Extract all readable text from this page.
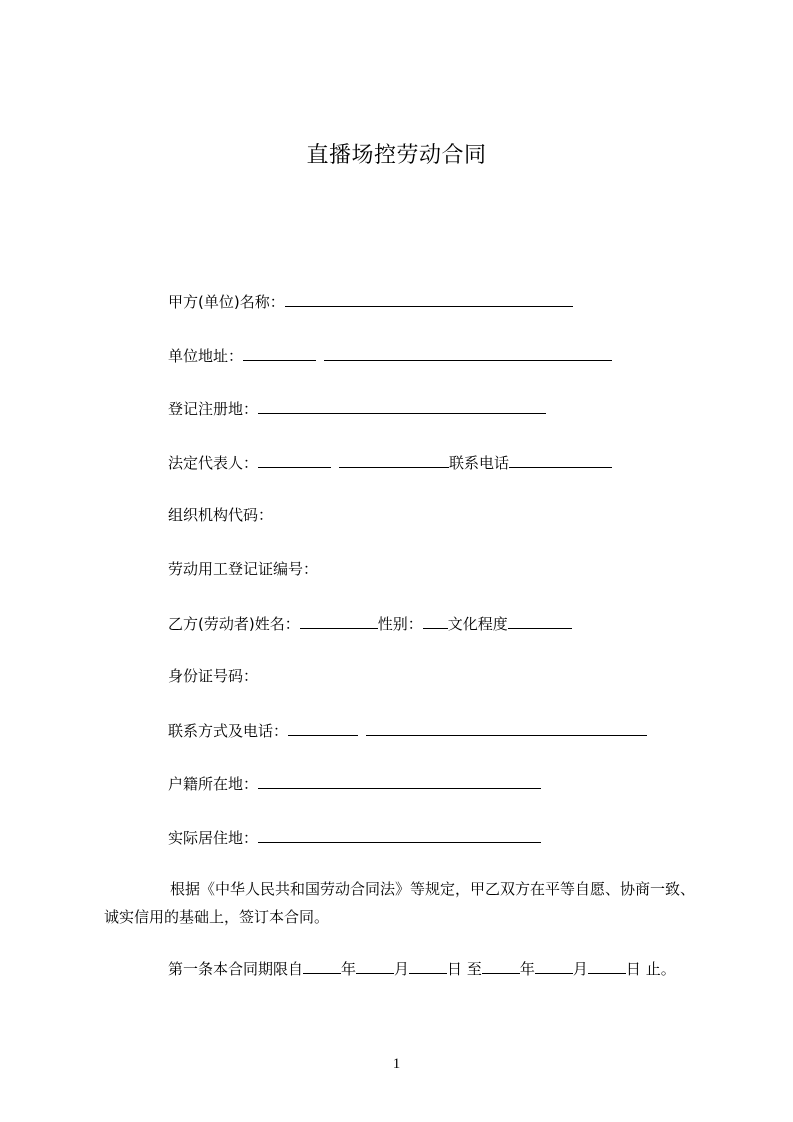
直播场控劳动合同
甲方(单位)名称：
单位地址：
登记注册地：
法定代表人：	联系电话
组织机构代码：
劳动用工登记证编号：
乙方(劳动者)姓名：	性别： 文化程度
身份证号码：
联系方式及电话：
户籍所在地：
实际居住地：
根据《中华人民共和国劳动合同法》等规定，甲乙双方在平等自愿、协商一致、诚实信用的基础上，签订本合同。
第一条本合同期限自	年	月	日 至	年	月	日 止。
1
